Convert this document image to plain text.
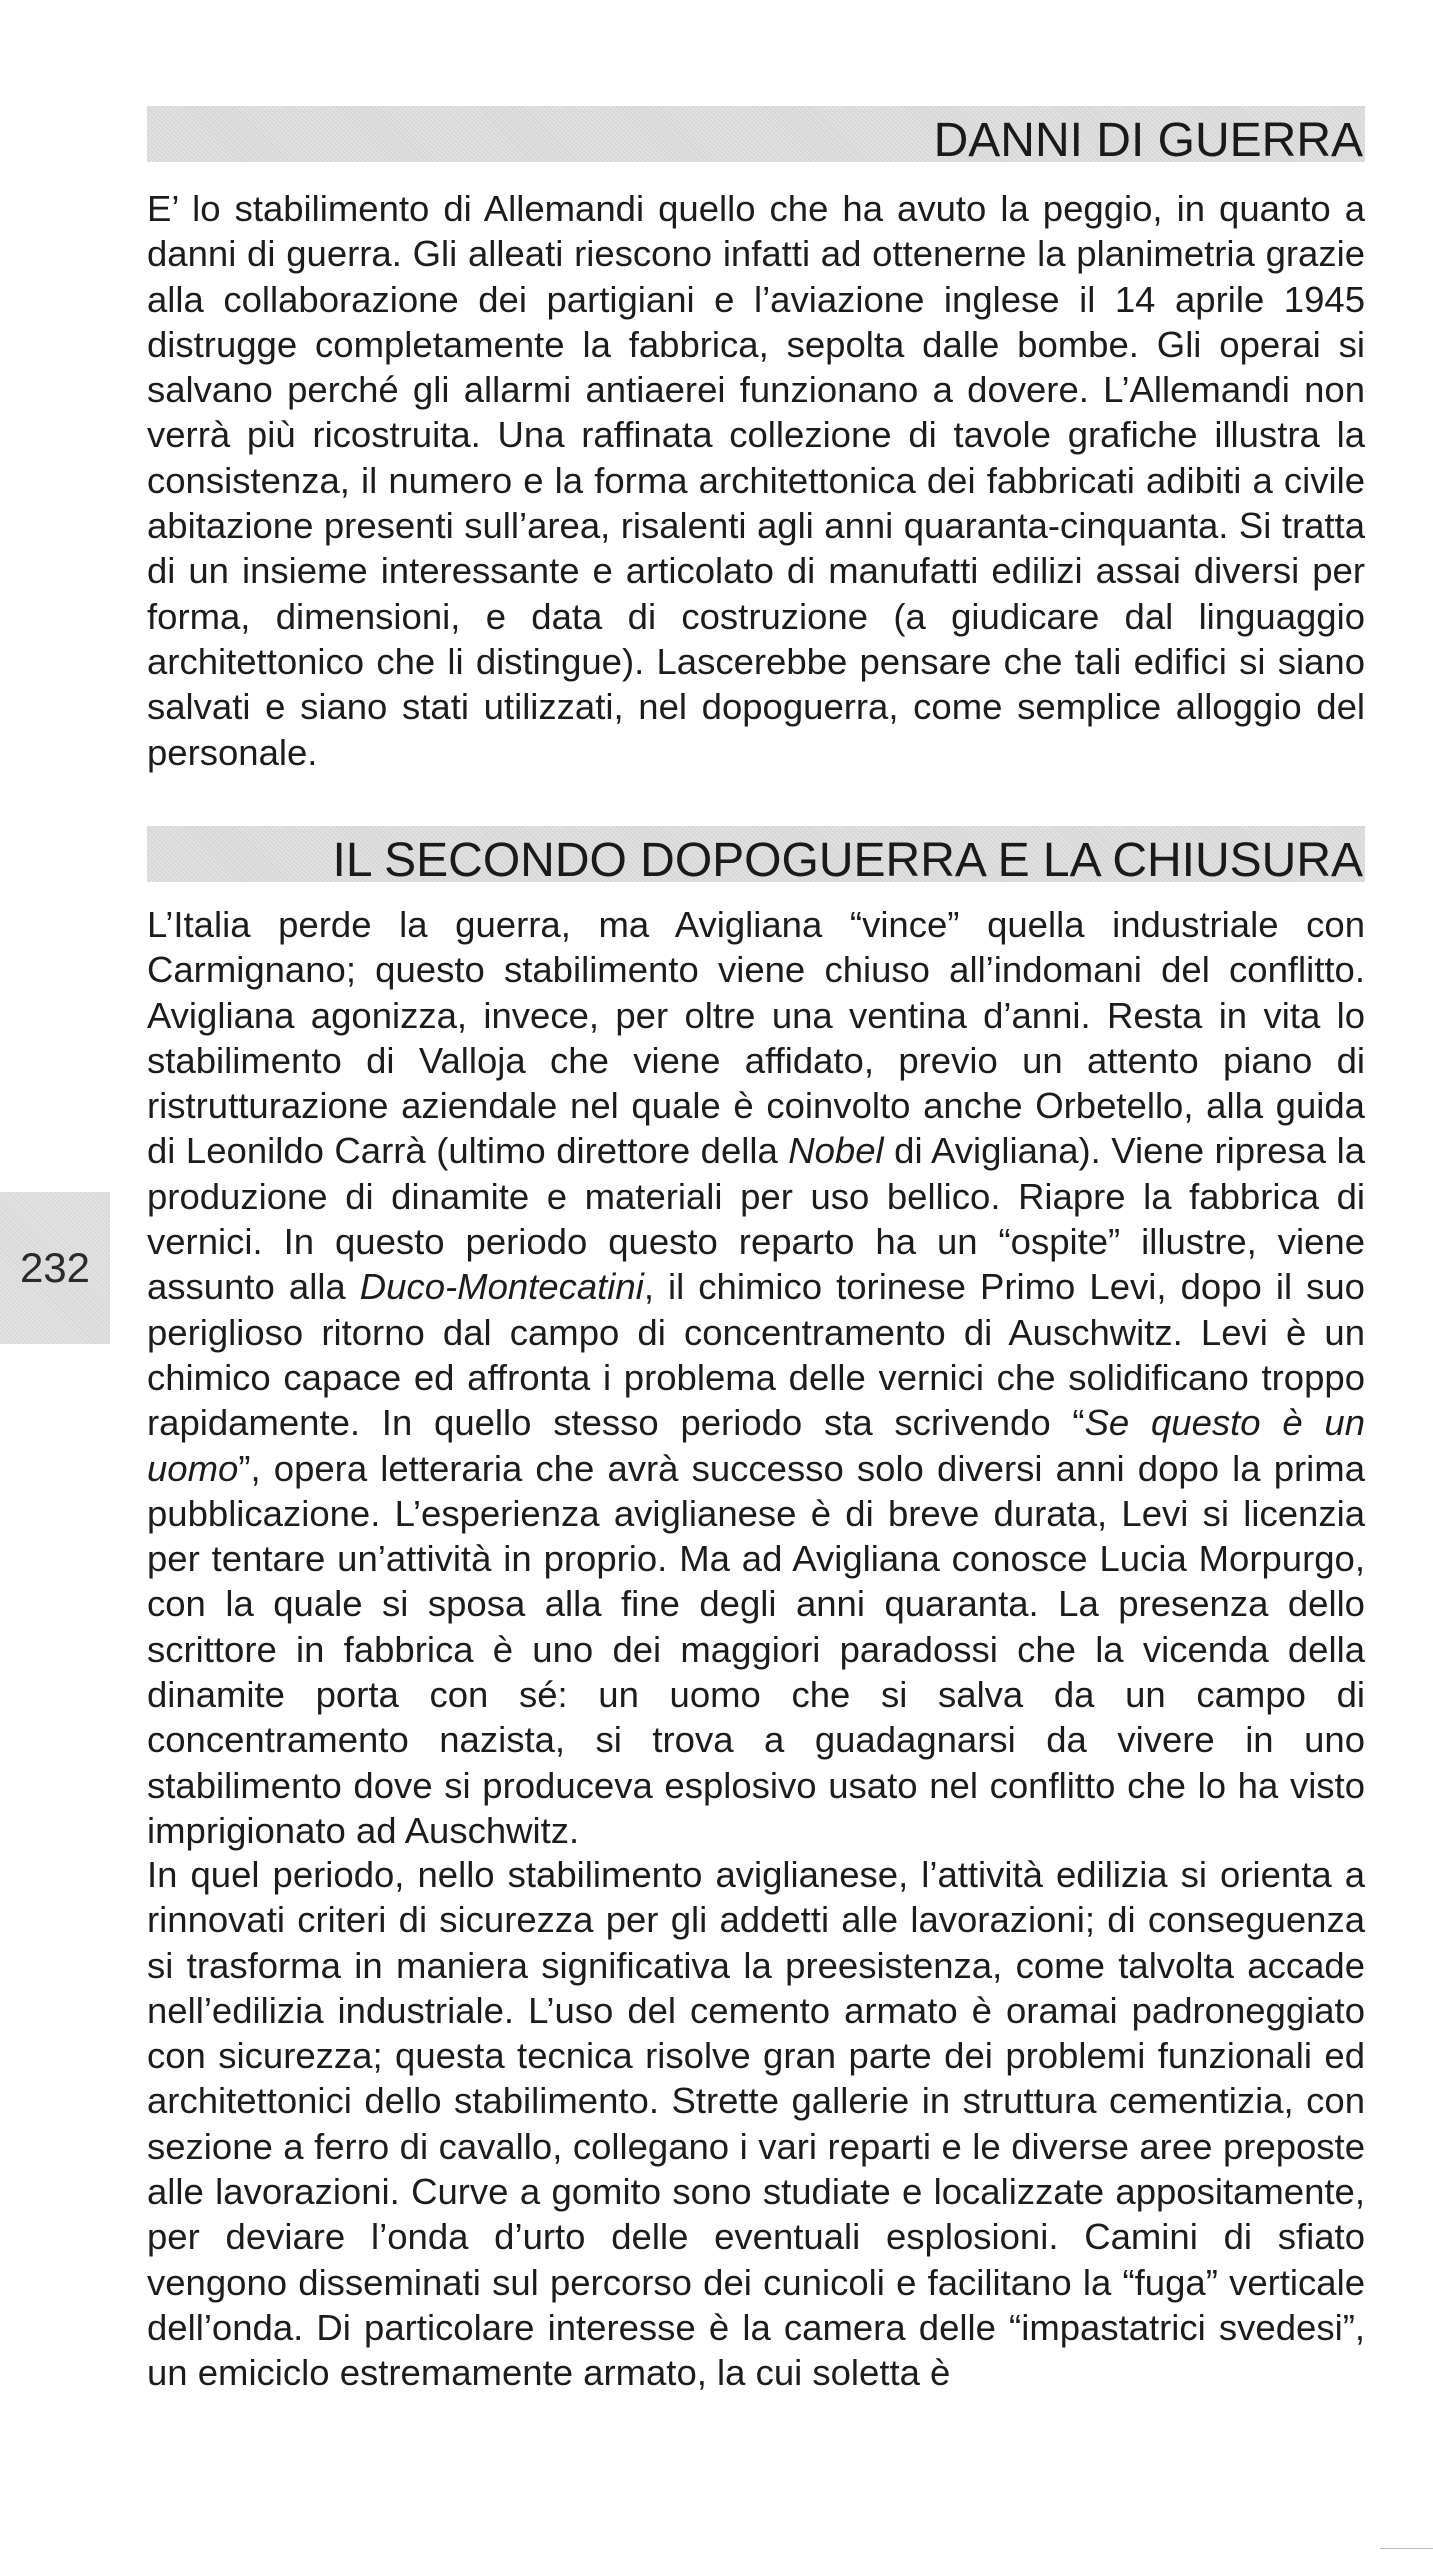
DANNI DI GUERRA

E’ lo stabilimento di Allemandi quello che ha avuto la peggio, in quanto a danni di guerra. Gli alleati riescono infatti ad ottenerne la planimetria grazie alla collaborazione dei partigiani e l’aviazione inglese il 14 aprile 1945 distrugge completamente la fabbrica, sepolta dalle bombe. Gli operai si salvano perché gli allarmi antiaerei funzionano a dovere. L’Allemandi non verrà più ricostruita. Una raffinata collezione di tavole grafiche illustra la consistenza, il numero e la forma architettonica dei fabbricati adibiti a civile abitazione presenti sull’area, risalenti agli anni quaranta-cinquanta. Si tratta di un insieme interessante e articolato di manufatti edilizi assai diversi per forma, dimensioni, e data di costruzione (a giudicare dal linguaggio architettonico che li distingue). Lascerebbe pensare che tali edifici si siano salvati e siano stati utilizzati, nel dopoguerra, come semplice alloggio del personale.

IL SECONDO DOPOGUERRA E LA CHIUSURA

L’Italia perde la guerra, ma Avigliana “vince” quella industriale con Carmignano; questo stabilimento viene chiuso all’indomani del conflitto. Avigliana agonizza, invece, per oltre una ventina d’anni. Resta in vita lo stabilimento di Valloja che viene affidato, previo un attento piano di ristrutturazione aziendale nel quale è coinvolto anche Orbetello, alla guida di Leonildo Carrà (ultimo direttore della Nobel di Avigliana). Viene ripresa la produzione di dinamite e materiali per uso bellico. Riapre la fabbrica di vernici. In questo periodo questo reparto ha un “ospite” illustre, viene assunto alla Duco-Montecatini, il chimico torinese Primo Levi, dopo il suo periglioso ritorno dal campo di concentramento di Auschwitz. Levi è un chimico capace ed affronta i problema delle vernici che solidificano troppo rapidamente. In quello stesso periodo sta scrivendo “Se questo è un uomo”, opera letteraria che avrà successo solo diversi anni dopo la prima pubblicazione. L’esperienza aviglianese è di breve durata, Levi si licenzia per tentare un’attività in proprio. Ma ad Avigliana conosce Lucia Morpurgo, con la quale si sposa alla fine degli anni quaranta. La presenza dello scrittore in fabbrica è uno dei maggiori paradossi che la vicenda della dinamite porta con sé: un uomo che si salva da un campo di concentramento nazista, si trova a guadagnarsi da vivere in uno stabilimento dove si produceva esplosivo usato nel conflitto che lo ha visto imprigionato ad Auschwitz.

In quel periodo, nello stabilimento aviglianese, l’attività edilizia si orienta a rinnovati criteri di sicurezza per gli addetti alle lavorazioni; di conseguenza si trasforma in maniera significativa la preesistenza, come talvolta accade nell’edilizia industriale. L’uso del cemento armato è oramai padroneggiato con sicurezza; questa tecnica risolve gran parte dei problemi funzionali ed architettonici dello stabilimento. Strette gallerie in struttura cementizia, con sezione a ferro di cavallo, collegano i vari reparti e le diverse aree preposte alle lavorazioni. Curve a gomito sono studiate e localizzate appositamente, per deviare l’onda d’urto delle eventuali esplosioni. Camini di sfiato vengono disseminati sul percorso dei cunicoli e facilitano la “fuga” verticale dell’onda. Di particolare interesse è la camera delle “impastatrici svedesi”, un emiciclo estremamente armato, la cui soletta è

232
